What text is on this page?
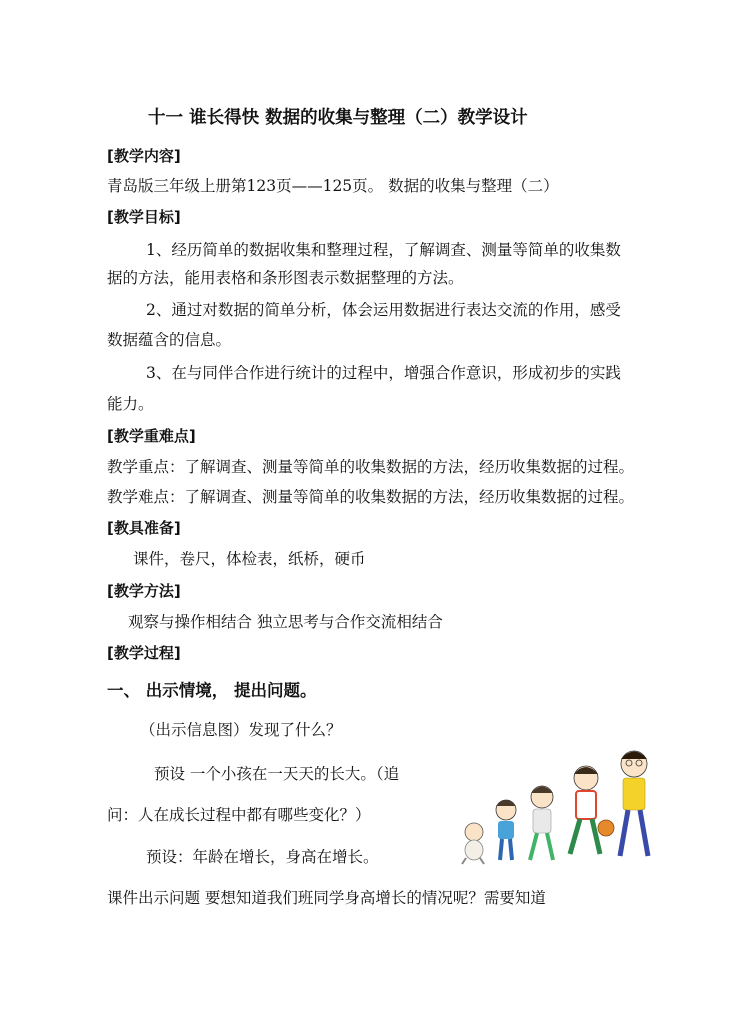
十一 谁长得快 数据的收集与整理（二）教学设计
[教学内容]
青岛版三年级上册第123页——125页。 数据的收集与整理（二）
[教学目标]
1、经历简单的数据收集和整理过程，了解调查、测量等简单的收集数
据的方法，能用表格和条形图表示数据整理的方法。
2、通过对数据的简单分析，体会运用数据进行表达交流的作用，感受
数据蕴含的信息。
3、在与同伴合作进行统计的过程中，增强合作意识，形成初步的实践
能力。
[教学重难点]
教学重点：了解调查、测量等简单的收集数据的方法，经历收集数据的过程。
教学难点：了解调查、测量等简单的收集数据的方法，经历收集数据的过程。
[教具准备]
课件，卷尺，体检表，纸桥，硬币
[教学方法]
观察与操作相结合 独立思考与合作交流相结合
[教学过程]
一、 出示情境， 提出问题。
（出示信息图）发现了什么？
预设 一个小孩在一天天的长大。（追
问：人在成长过程中都有哪些变化？）
预设：年龄在增长，身高在增长。
课件出示问题 要想知道我们班同学身高增长的情况呢？需要知道
